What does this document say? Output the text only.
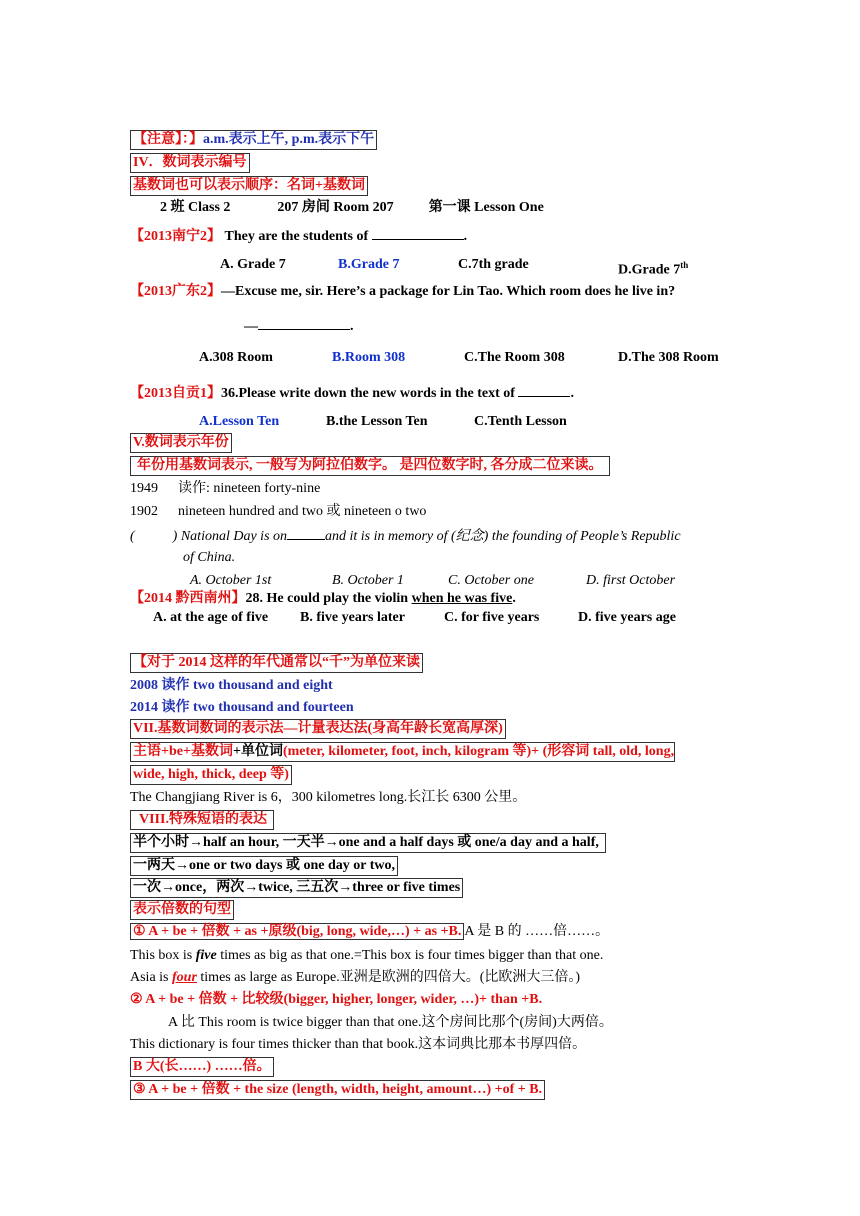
【注意】：】a.m.表示上午, p.m.表示下午
IV．数词表示编号
基数词也可以表示顺序：名词+基数词
2 班 Class 2	207 房间 Room 207	第一课 Lesson One
【2013南宁2】 They are the students of	.
A. Grade 7	B.Grade 7	C.7th grade	D.Grade 7th
【2013广东2】—Excuse me, sir. Here’s a package for Lin Tao. Which room does he live in?
—	.
A.308 Room	B.Room 308	C.The Room 308	D.The 308 Room
【2013自贡1】36.Please write down the new words in the text of	.
A.Lesson Ten	B.the Lesson Ten	C.Tenth Lesson
V.数词表示年份
年份用基数词表示, 一般写为阿拉伯数字。 是四位数字时, 各分成二位来读。
1949 读作: nineteen forty-nine
1902 nineteen hundred and two 或 nineteen o two
(	) National Day is on	and it is in memory of (纪念) the founding of People’s Republic
of China.
A. October 1st	B. October 1	C. October one	D. first October
【2014 黔西南州】28. He could play the violin when he was five.
A. at the age of five B. five years later	C. for five years	D. five years age
【对于 2014 这样的年代通常以“千”为单位来读
2008 读作 two thousand and eight
2014 读作 two thousand and fourteen
VII.基数词数词的表示法—计量表达法(身高年龄长宽高厚深)
主语+be+基数词+单位词(meter, kilometer, foot, inch, kilogram 等)+ (形容词 tall, old, long,
wide, high, thick, deep 等)
The Changjiang River is 6，300 kilometres long.长江长 6300 公里。
VIII.特殊短语的表达
半个小时→half an hour, 一天半→one and a half days 或 one/a day and a half,
一两天→one or two days 或 one day or two,
一次→once，两次→twice, 三五次→three or five times
表示倍数的句型
① A + be + 倍数 + as +原级(big, long, wide,…) + as +B. A 是 B 的 ……倍……。
This box is five times as big as that one.=This box is four times bigger than that one.
Asia is four times as large as Europe.亚洲是欧洲的四倍大。(比欧洲大三倍。)
② A + be + 倍数 + 比较级(bigger, higher, longer, wider, …)+ than +B.
A 比 This room is twice bigger than that one.这个房间比那个(房间)大两倍。
This dictionary is four times thicker than that book.这本词典比那本书厚四倍。
B 大(长……) ……倍。
③ A + be + 倍数 + the size (length, width, height, amount…) +of + B.
